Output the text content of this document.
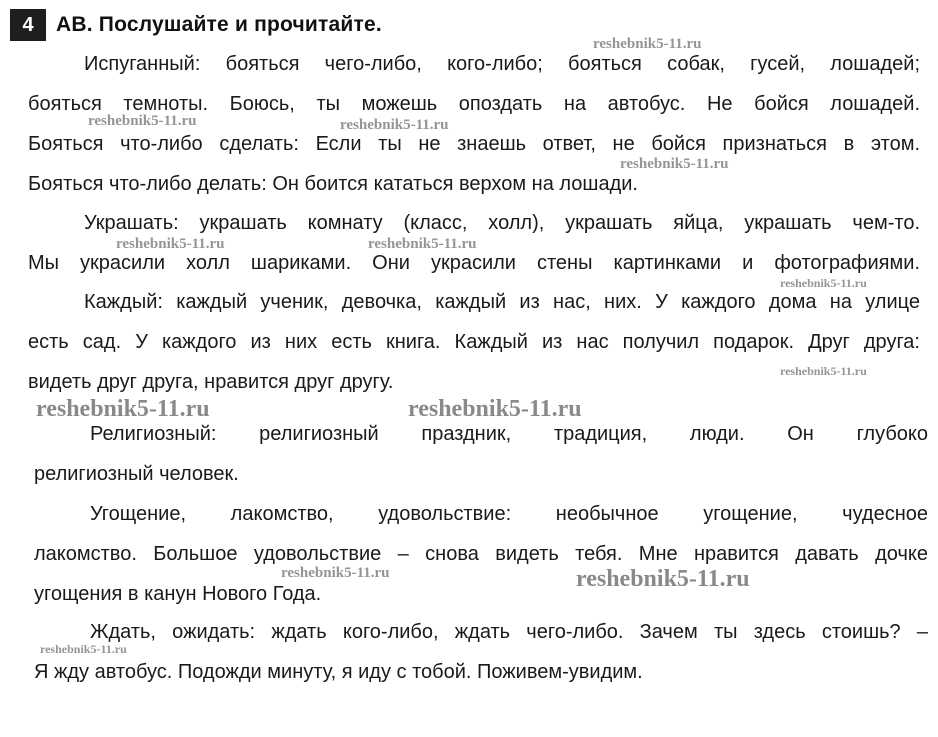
4	AB. Послушайте и прочитайте.
Испуганный: бояться чего-либо, кого-либо; бояться собак, гусей, лошадей;
бояться темноты. Боюсь, ты можешь опоздать на автобус. Не бойся лошадей.
Бояться что-либо сделать: Если ты не знаешь ответ, не бойся признаться в этом.
Бояться что-либо делать: Он боится кататься верхом на лошади.
Украшать: украшать комнату (класс, холл), украшать яйца, украшать чем-то.
Мы украсили холл шариками. Они украсили стены картинками и фотографиями.
Каждый: каждый ученик, девочка, каждый из нас, них. У каждого дома на улице
есть сад. У каждого из них есть книга. Каждый из нас получил подарок. Друг друга:
видеть друг друга, нравится друг другу.
Религиозный: религиозный праздник, традиция, люди. Он глубоко
религиозный человек.
Угощение, лакомство, удовольствие: необычное угощение, чудесное
лакомство. Большое удовольствие – снова видеть тебя. Мне нравится давать дочке
угощения в канун Нового Года.
Ждать, ожидать: ждать кого-либо, ждать чего-либо. Зачем ты здесь стоишь? –
Я жду автобус. Подожди минуту, я иду с тобой. Поживем-увидим.
reshebnik5-11.ru
reshebnik5-11.ru	reshebnik5-11.ru
reshebnik5-11.ru
reshebnik5-11.ru	reshebnik5-11.ru
reshebnik5-11.ru
reshebnik5-11.ru
reshebnik5-11.ru	reshebnik5-11.ru
reshebnik5-11.ru	reshebnik5-11.ru
reshebnik5-11.ru
